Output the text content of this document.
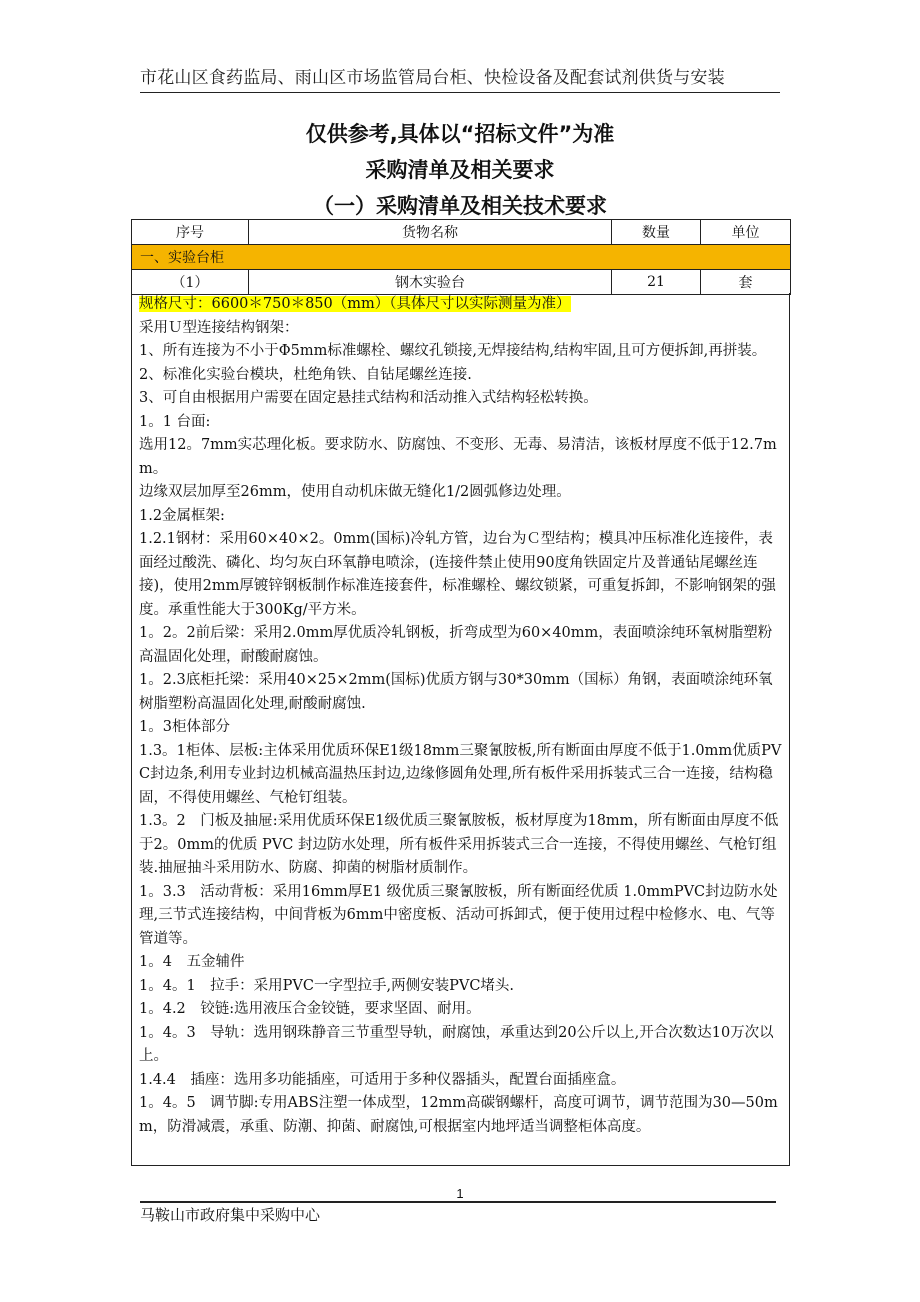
市花山区食药监局、雨山区市场监管局台柜、快检设备及配套试剂供货与安装
仅供参考,具体以“招标文件”为准
采购清单及相关要求
（一）采购清单及相关技术要求
序号	货物名称	数量	单位
一、实验台柜			
（1）	钢木实验台	21	套

规格尺寸：6600＊750＊850（mm）（具体尺寸以实际测量为准）

采用Ｕ型连接结构钢架：

1、所有连接为不小于Φ5mm标准螺栓、螺纹孔锁接,无焊接结构,结构牢固,且可方便拆卸,再拼装。

2、标准化实验台模块，杜绝角铁、自钻尾螺丝连接.

3、可自由根据用户需要在固定悬挂式结构和活动推入式结构轻松转换。

1。1 台面:

选用12。7mm实芯理化板。要求防水、防腐蚀、不变形、无毒、易清洁，该板材厚度不低于12.7mm。

边缘双层加厚至26mm，使用自动机床做无缝化1/2圆弧修边处理。

1.2金属框架:

1.2.1钢材：采用60×40×2。0mm(国标)冷轧方管，边台为Ｃ型结构；模具冲压标准化连接件，表面经过酸洗、磷化、均匀灰白环氧静电喷涂，(连接件禁止使用90度角铁固定片及普通钻尾螺丝连接)，使用2mm厚镀锌钢板制作标准连接套件，标准螺栓、螺纹锁紧，可重复拆卸，不影响钢架的强度。承重性能大于300Kg/平方米。

1。2。2前后梁：采用2.0mm厚优质冷轧钢板，折弯成型为60×40mm，表面喷涂纯环氧树脂塑粉高温固化处理，耐酸耐腐蚀。

1。2.3底柜托梁：采用40×25×2mm(国标)优质方钢与30*30mm（国标）角钢，表面喷涂纯环氧树脂塑粉高温固化处理,耐酸耐腐蚀.

1。3柜体部分

1.3。1柜体、层板:主体采用优质环保E1级18mm三聚氰胺板,所有断面由厚度不低于1.0mm优质PVC封边条,利用专业封边机械高温热压封边,边缘修圆角处理,所有板件采用拆装式三合一连接，结构稳固，不得使用螺丝、气枪钉组装。

1.3。2　门板及抽屉:采用优质环保E1级优质三聚氰胺板，板材厚度为18mm，所有断面由厚度不低于2。0mm的优质 PVC 封边防水处理，所有板件采用拆装式三合一连接，不得使用螺丝、气枪钉组装.抽屉抽斗采用防水、防腐、抑菌的树脂材质制作。

1。3.3　活动背板：采用16mm厚E1 级优质三聚氰胺板，所有断面经优质 1.0mmPVC封边防水处理,三节式连接结构，中间背板为6mm中密度板、活动可拆卸式，便于使用过程中检修水、电、气等管道等。

1。4　五金辅件

1。4。1　拉手：采用PVC一字型拉手,两侧安装PVC堵头.

1。4.2　铰链:选用液压合金铰链，要求坚固、耐用。

1。4。3　导轨：选用钢珠静音三节重型导轨，耐腐蚀，承重达到20公斤以上,开合次数达10万次以上。

1.4.4　插座：选用多功能插座，可适用于多种仪器插头，配置台面插座盒。

1。4。5　调节脚:专用ABS注塑一体成型，12mm高碳钢螺杆，高度可调节，调节范围为30—50mm，防滑减震，承重、防潮、抑菌、耐腐蚀,可根据室内地坪适当调整柜体高度。

1
马鞍山市政府集中采购中心
